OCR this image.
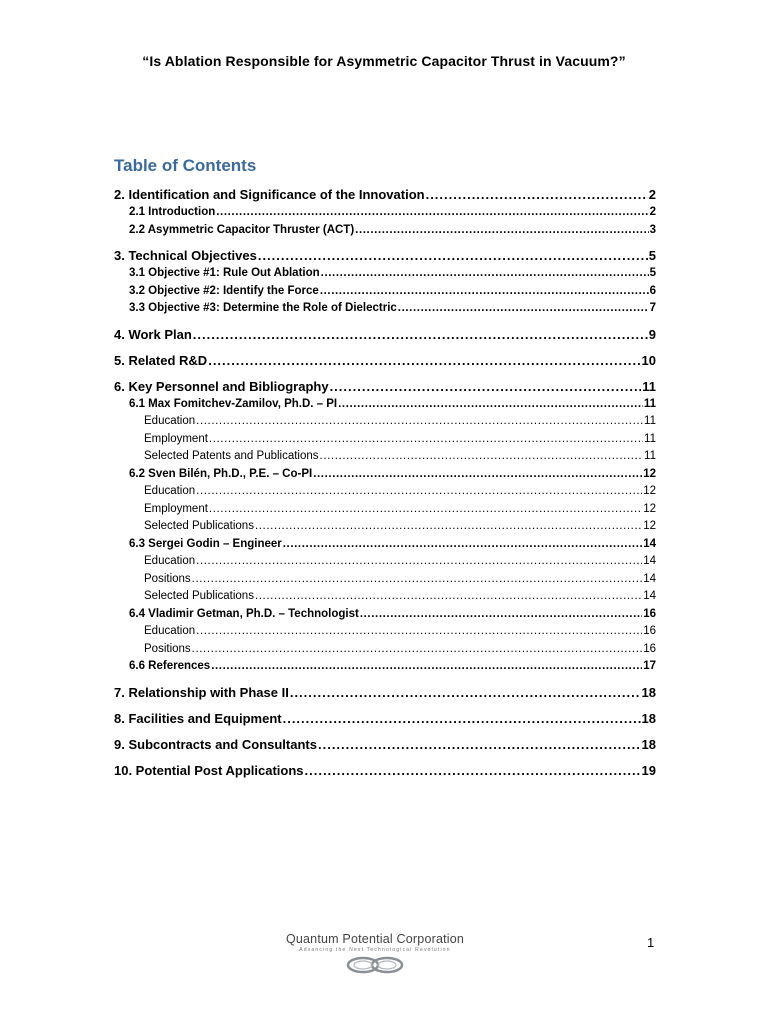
“Is Ablation Responsible for Asymmetric Capacitor Thrust in Vacuum?”
Table of Contents
2. Identification and Significance of the Innovation .....	2
2.1 Introduction .....	2
2.2 Asymmetric Capacitor Thruster (ACT) .....	3
3. Technical Objectives .....	5
3.1 Objective #1: Rule Out Ablation .....	5
3.2 Objective #2: Identify the Force .....	6
3.3 Objective #3: Determine the Role of Dielectric .....	7
4. Work Plan .....	9
5. Related R&D .....	10
6. Key Personnel and Bibliography .....	11
6.1 Max Fomitchev-Zamilov, Ph.D. – PI .....	11
Education .....	11
Employment .....	11
Selected Patents and Publications .....	11
6.2 Sven Bilén, Ph.D., P.E. – Co-PI .....	12
Education .....	12
Employment .....	12
Selected Publications .....	12
6.3 Sergei Godin – Engineer .....	14
Education .....	14
Positions .....	14
Selected Publications .....	14
6.4 Vladimir Getman, Ph.D. – Technologist .....	16
Education .....	16
Positions .....	16
6.6 References .....	17
7. Relationship with Phase II .....	18
8. Facilities and Equipment .....	18
9. Subcontracts and Consultants .....	18
10. Potential Post Applications .....	19
Quantum Potential Corporation
Advancing the Next Technological Revolution	1
